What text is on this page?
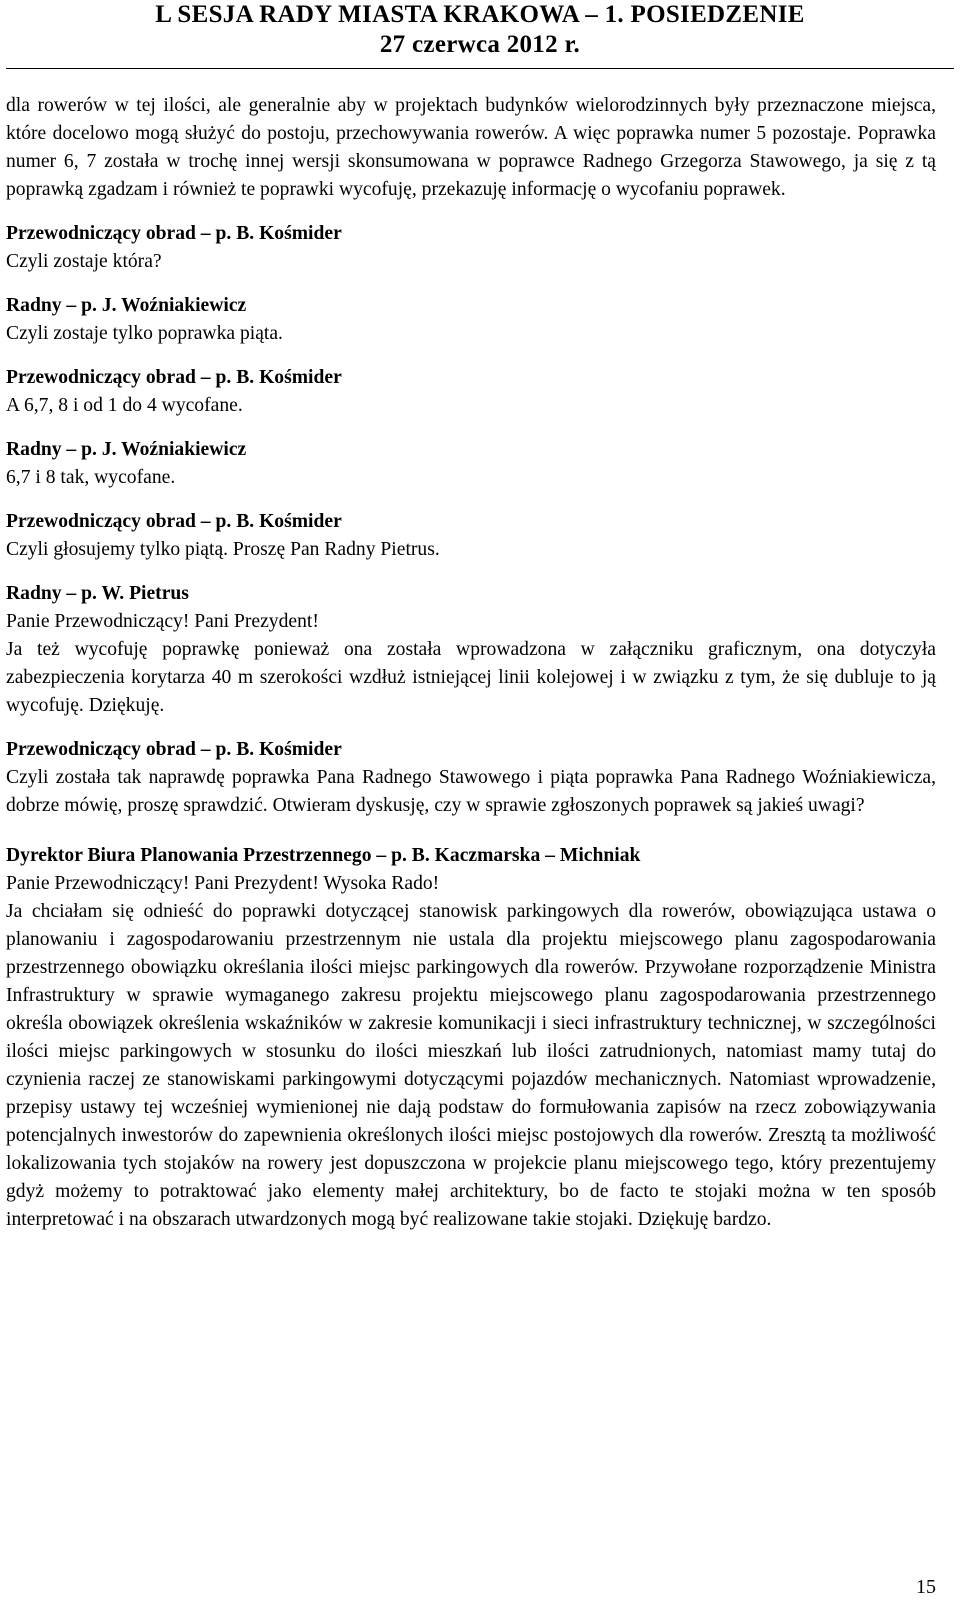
L SESJA RADY MIASTA KRAKOWA – 1. POSIEDZENIE
27 czerwca 2012 r.

dla rowerów w tej ilości, ale generalnie aby w projektach budynków wielorodzinnych były przeznaczone miejsca, które docelowo mogą służyć do postoju, przechowywania rowerów. A więc poprawka numer 5 pozostaje. Poprawka numer 6, 7 została w trochę innej wersji skonsumowana w poprawce Radnego Grzegorza Stawowego, ja się z tą poprawką zgadzam i również te poprawki wycofuję, przekazuję informację o wycofaniu poprawek.

Przewodniczący obrad – p. B. Kośmider

Czyli zostaje która?

Radny – p. J. Woźniakiewicz

Czyli zostaje tylko poprawka piąta.

Przewodniczący obrad – p. B. Kośmider

A 6,7, 8 i od 1 do 4 wycofane.

Radny – p. J. Woźniakiewicz

6,7 i 8 tak, wycofane.

Przewodniczący obrad – p. B. Kośmider

Czyli głosujemy tylko piątą. Proszę Pan Radny Pietrus.

Radny – p. W. Pietrus

Panie Przewodniczący! Pani Prezydent!

Ja też wycofuję poprawkę ponieważ ona została wprowadzona w załączniku graficznym, ona dotyczyła zabezpieczenia korytarza 40 m szerokości wzdłuż istniejącej linii kolejowej i w związku z tym, że się dubluje to ją wycofuję. Dziękuję.

Przewodniczący obrad – p. B. Kośmider

Czyli została tak naprawdę poprawka Pana Radnego Stawowego i piąta poprawka Pana Radnego Woźniakiewicza, dobrze mówię, proszę sprawdzić. Otwieram dyskusję, czy w sprawie zgłoszonych poprawek są jakieś uwagi?

Dyrektor Biura Planowania Przestrzennego – p. B. Kaczmarska – Michniak

Panie Przewodniczący! Pani Prezydent! Wysoka Rado!

Ja chciałam się odnieść do poprawki dotyczącej stanowisk parkingowych dla rowerów, obowiązująca ustawa o planowaniu i zagospodarowaniu przestrzennym nie ustala dla projektu miejscowego planu zagospodarowania przestrzennego obowiązku określania ilości miejsc parkingowych dla rowerów. Przywołane rozporządzenie Ministra Infrastruktury w sprawie wymaganego zakresu projektu miejscowego planu zagospodarowania przestrzennego określa obowiązek określenia wskaźników w zakresie komunikacji i sieci infrastruktury technicznej, w szczególności ilości miejsc parkingowych w stosunku do ilości mieszkań lub ilości zatrudnionych, natomiast mamy tutaj do czynienia raczej ze stanowiskami parkingowymi dotyczącymi pojazdów mechanicznych. Natomiast wprowadzenie, przepisy ustawy tej wcześniej wymienionej nie dają podstaw do formułowania zapisów na rzecz zobowiązywania potencjalnych inwestorów do zapewnienia określonych ilości miejsc postojowych dla rowerów. Zresztą ta możliwość lokalizowania tych stojaków na rowery jest dopuszczona w projekcie planu miejscowego tego, który prezentujemy gdyż możemy to potraktować jako elementy małej architektury, bo de facto te stojaki można w ten sposób interpretować i na obszarach utwardzonych mogą być realizowane takie stojaki. Dziękuję bardzo.

15
